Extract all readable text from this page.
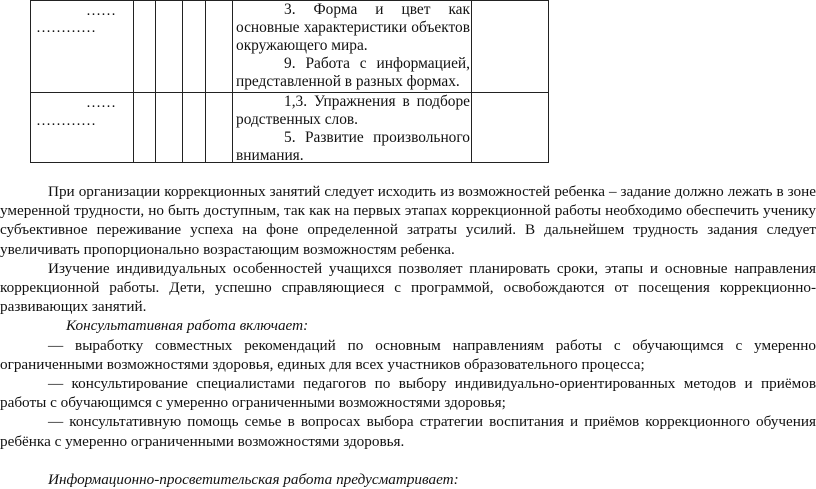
……
…………

3. Форма и цвет как основные характеристики объектов окружающего мира.

9. Работа с информацией, представленной в разных формах.

……
…………

1,3. Упражнения в подборе родственных слов.

5. Развитие произвольного внимания.

При организации коррекционных занятий следует исходить из возможностей ребенка – задание должно лежать в зоне умеренной трудности, но быть доступным, так как на первых этапах коррекционной работы необходимо обеспечить ученику субъективное переживание успеха на фоне определенной затраты усилий. В дальнейшем трудность задания следует увеличивать пропорционально возрастающим возможностям ребенка.

Изучение индивидуальных особенностей учащихся позволяет планировать сроки, этапы и основные направления коррекционной работы. Дети, успешно справляющиеся с программой, освобождаются от посещения коррекционно-развивающих занятий.

Консультативная работа включает:

— выработку совместных рекомендаций по основным направлениям работы с обучающимся с умеренно ограниченными возможностями здоровья, единых для всех участников образовательного процесса;

— консультирование специалистами педагогов по выбору индивидуально-ориентированных методов и приёмов работы с обучающимся с умеренно ограниченными возможностями здоровья;

— консультативную помощь семье в вопросах выбора стратегии воспитания и приёмов коррекционного обучения ребёнка с умеренно ограниченными возможностями здоровья.

Информационно-просветительская работа предусматривает:
